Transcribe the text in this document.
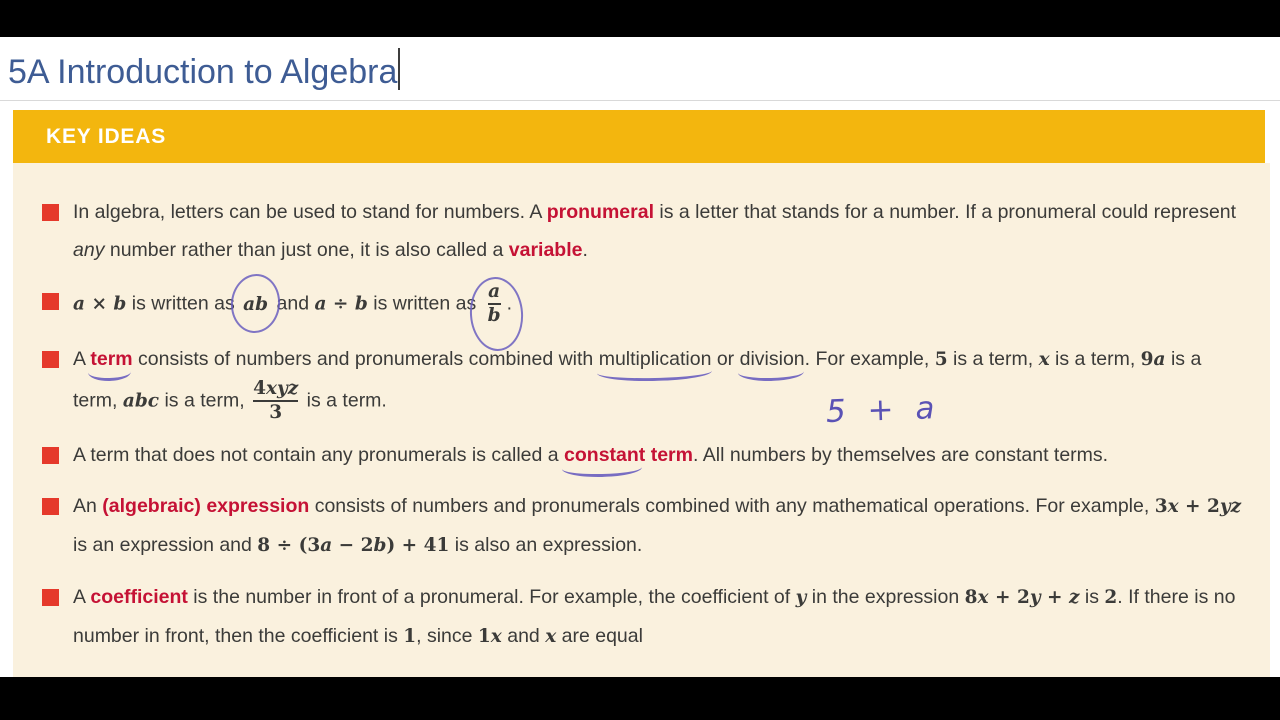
5A Introduction to Algebra
KEY IDEAS
In algebra, letters can be used to stand for numbers. A pronumeral is a letter that stands for a number. If a pronumeral could represent any number rather than just one, it is also called a variable.
a × b is written as ab and a ÷ b is written as $\frac{a}{b}$ .
A term consists of numbers and pronumerals combined with multiplication or division. For example, 5 is a term, x is a term, 9a is a term, abc is a term, $\frac{\text{4xyz}}{3}$ is a term.
A term that does not contain any pronumerals is called a constant term. All numbers by themselves are constant terms.
An (algebraic) expression consists of numbers and pronumerals combined with any mathematical operations. For example, 3x + 2yz is an expression and 8 ÷ (3a − 2b) + 41 is also an expression.
A coefficient is the number in front of a pronumeral. For example, the coefficient of y in the expression 8x + 2y + z is 2. If there is no number in front, then the coefficient is 1, since 1x and x are equal
5 + a
